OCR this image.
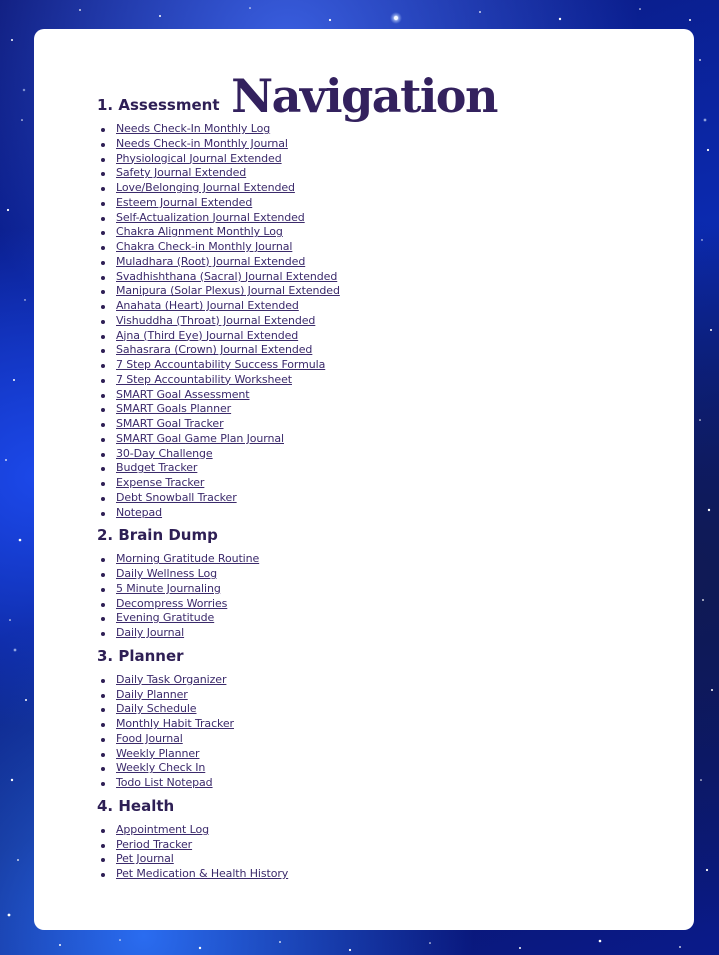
Navigation
1. Assessment
Needs Check-In Monthly Log
Needs Check-in Monthly Journal
Physiological Journal Extended
Safety Journal Extended
Love/Belonging Journal Extended
Esteem Journal Extended
Self-Actualization Journal Extended
Chakra Alignment Monthly Log
Chakra Check-in Monthly Journal
Muladhara (Root) Journal Extended
Svadhishthana (Sacral) Journal Extended
Manipura (Solar Plexus) Journal Extended
Anahata (Heart) Journal Extended
Vishuddha (Throat) Journal Extended
Ajna (Third Eye) Journal Extended
Sahasrara (Crown) Journal Extended
7 Step Accountability Success Formula
7 Step Accountability Worksheet
SMART Goal Assessment
SMART Goals Planner
SMART Goal Tracker
SMART Goal Game Plan Journal
30-Day Challenge
Budget Tracker
Expense Tracker
Debt Snowball Tracker
Notepad
2. Brain Dump
Morning Gratitude Routine
Daily Wellness Log
5 Minute Journaling
Decompress Worries
Evening Gratitude
Daily Journal
3. Planner
Daily Task Organizer
Daily Planner
Daily Schedule
Monthly Habit Tracker
Food Journal
Weekly Planner
Weekly Check In
Todo List Notepad
4. Health
Appointment Log
Period Tracker
Pet Journal
Pet Medication & Health History
